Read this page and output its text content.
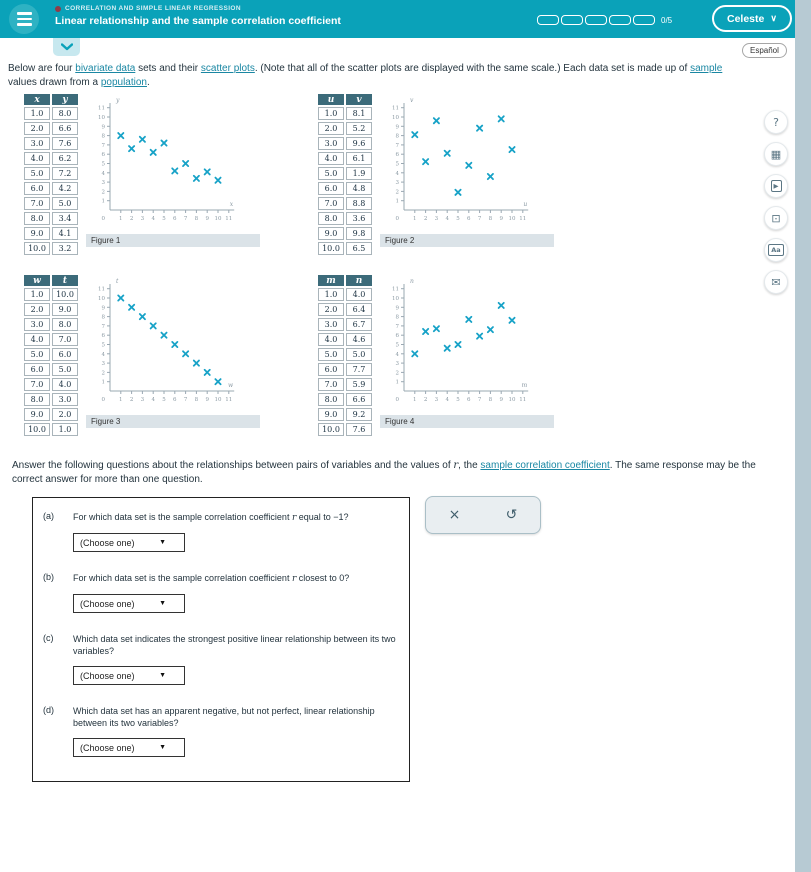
CORRELATION AND SIMPLE LINEAR REGRESSION
Linear relationship and the sample correlation coefficient	0/5	Celeste ∨
Español

Below are four bivariate data sets and their scatter plots. (Note that all of the scatter plots are displayed with the same scale.) Each data set is made up of sample values drawn from a population.

x	y
1.0	8.0
2.0	6.6
3.0	7.6
4.0	6.2
5.0	7.2
6.0	4.2
7.0	5.0
8.0	3.4
9.0	4.1
10.0	3.2
1 2 3 4 5 6 7 8 9 10 11
1
2
3
4
5
6
7
8
9
10
11
0
y
x
Figure 1
u	v
1.0	8.1
2.0	5.2
3.0	9.6
4.0	6.1
5.0	1.9
6.0	4.8
7.0	8.8
8.0	3.6
9.0	9.8
10.0	6.5
1 2 3 4 5 6 7 8 9 10 11
1
2
3
4
5
6
7
8
9
10
11
0
v
u
Figure 2
w	t
1.0	10.0
2.0	9.0
3.0	8.0
4.0	7.0
5.0	6.0
6.0	5.0
7.0	4.0
8.0	3.0
9.0	2.0
10.0	1.0
1 2 3 4 5 6 7 8 9 10 11
1
2
3
4
5
6
7
8
9
10
11
0
t
w
Figure 3
m	n
1.0	4.0
2.0	6.4
3.0	6.7
4.0	4.6
5.0	5.0
6.0	7.7
7.0	5.9
8.0	6.6
9.0	9.2
10.0	7.6
1 2 3 4 5 6 7 8 9 10 11
1
2
3
4
5
6
7
8
9
10
11
0
n
m
Figure 4

Answer the following questions about the relationships between pairs of variables and the values of r, the sample correlation coefficient. The same response may be the correct answer for more than one question.

(a)	For which data set is the sample correlation coefficient r equal to −1?
(Choose one)	▼
(b)	For which data set is the sample correlation coefficient r closest to 0?
(Choose one)	▼
(c)	Which data set indicates the strongest positive linear relationship between its two variables?
(Choose one)	▼
(d)	Which data set has an apparent negative, but not perfect, linear relationship between its two variables?
(Choose one)	▼
×	↺
?
▦
▶
⊡
Aa
✉
